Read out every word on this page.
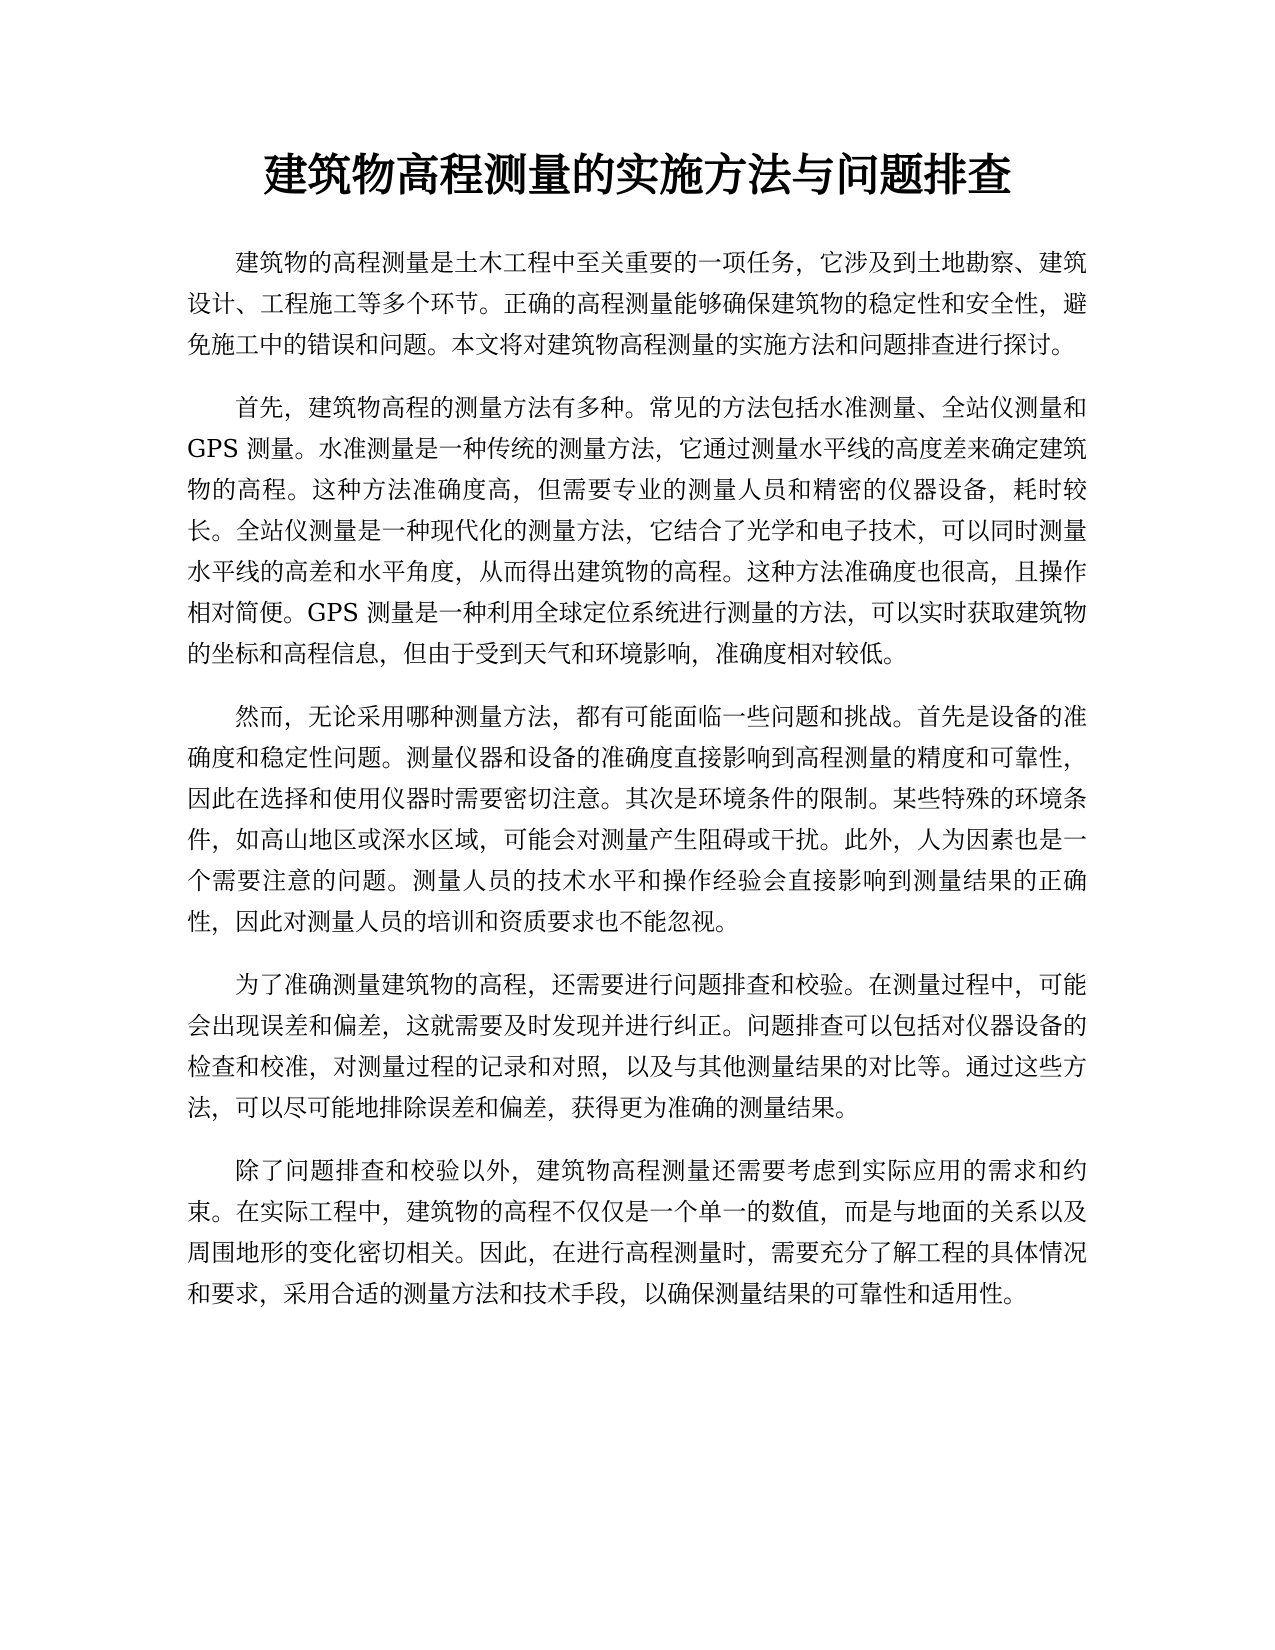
建筑物高程测量的实施方法与问题排查

建筑物的高程测量是土木工程中至关重要的一项任务，它涉及到土地勘察、建筑设计、工程施工等多个环节。正确的高程测量能够确保建筑物的稳定性和安全性，避免施工中的错误和问题。本文将对建筑物高程测量的实施方法和问题排查进行探讨。

首先，建筑物高程的测量方法有多种。常见的方法包括水准测量、全站仪测量和 GPS 测量。水准测量是一种传统的测量方法，它通过测量水平线的高度差来确定建筑物的高程。这种方法准确度高，但需要专业的测量人员和精密的仪器设备，耗时较长。全站仪测量是一种现代化的测量方法，它结合了光学和电子技术，可以同时测量水平线的高差和水平角度，从而得出建筑物的高程。这种方法准确度也很高，且操作相对简便。GPS 测量是一种利用全球定位系统进行测量的方法，可以实时获取建筑物的坐标和高程信息，但由于受到天气和环境影响，准确度相对较低。

然而，无论采用哪种测量方法，都有可能面临一些问题和挑战。首先是设备的准确度和稳定性问题。测量仪器和设备的准确度直接影响到高程测量的精度和可靠性，因此在选择和使用仪器时需要密切注意。其次是环境条件的限制。某些特殊的环境条件，如高山地区或深水区域，可能会对测量产生阻碍或干扰。此外，人为因素也是一个需要注意的问题。测量人员的技术水平和操作经验会直接影响到测量结果的正确性，因此对测量人员的培训和资质要求也不能忽视。

为了准确测量建筑物的高程，还需要进行问题排查和校验。在测量过程中，可能会出现误差和偏差，这就需要及时发现并进行纠正。问题排查可以包括对仪器设备的检查和校准，对测量过程的记录和对照，以及与其他测量结果的对比等。通过这些方法，可以尽可能地排除误差和偏差，获得更为准确的测量结果。

除了问题排查和校验以外，建筑物高程测量还需要考虑到实际应用的需求和约束。在实际工程中，建筑物的高程不仅仅是一个单一的数值，而是与地面的关系以及周围地形的变化密切相关。因此，在进行高程测量时，需要充分了解工程的具体情况和要求，采用合适的测量方法和技术手段，以确保测量结果的可靠性和适用性。
